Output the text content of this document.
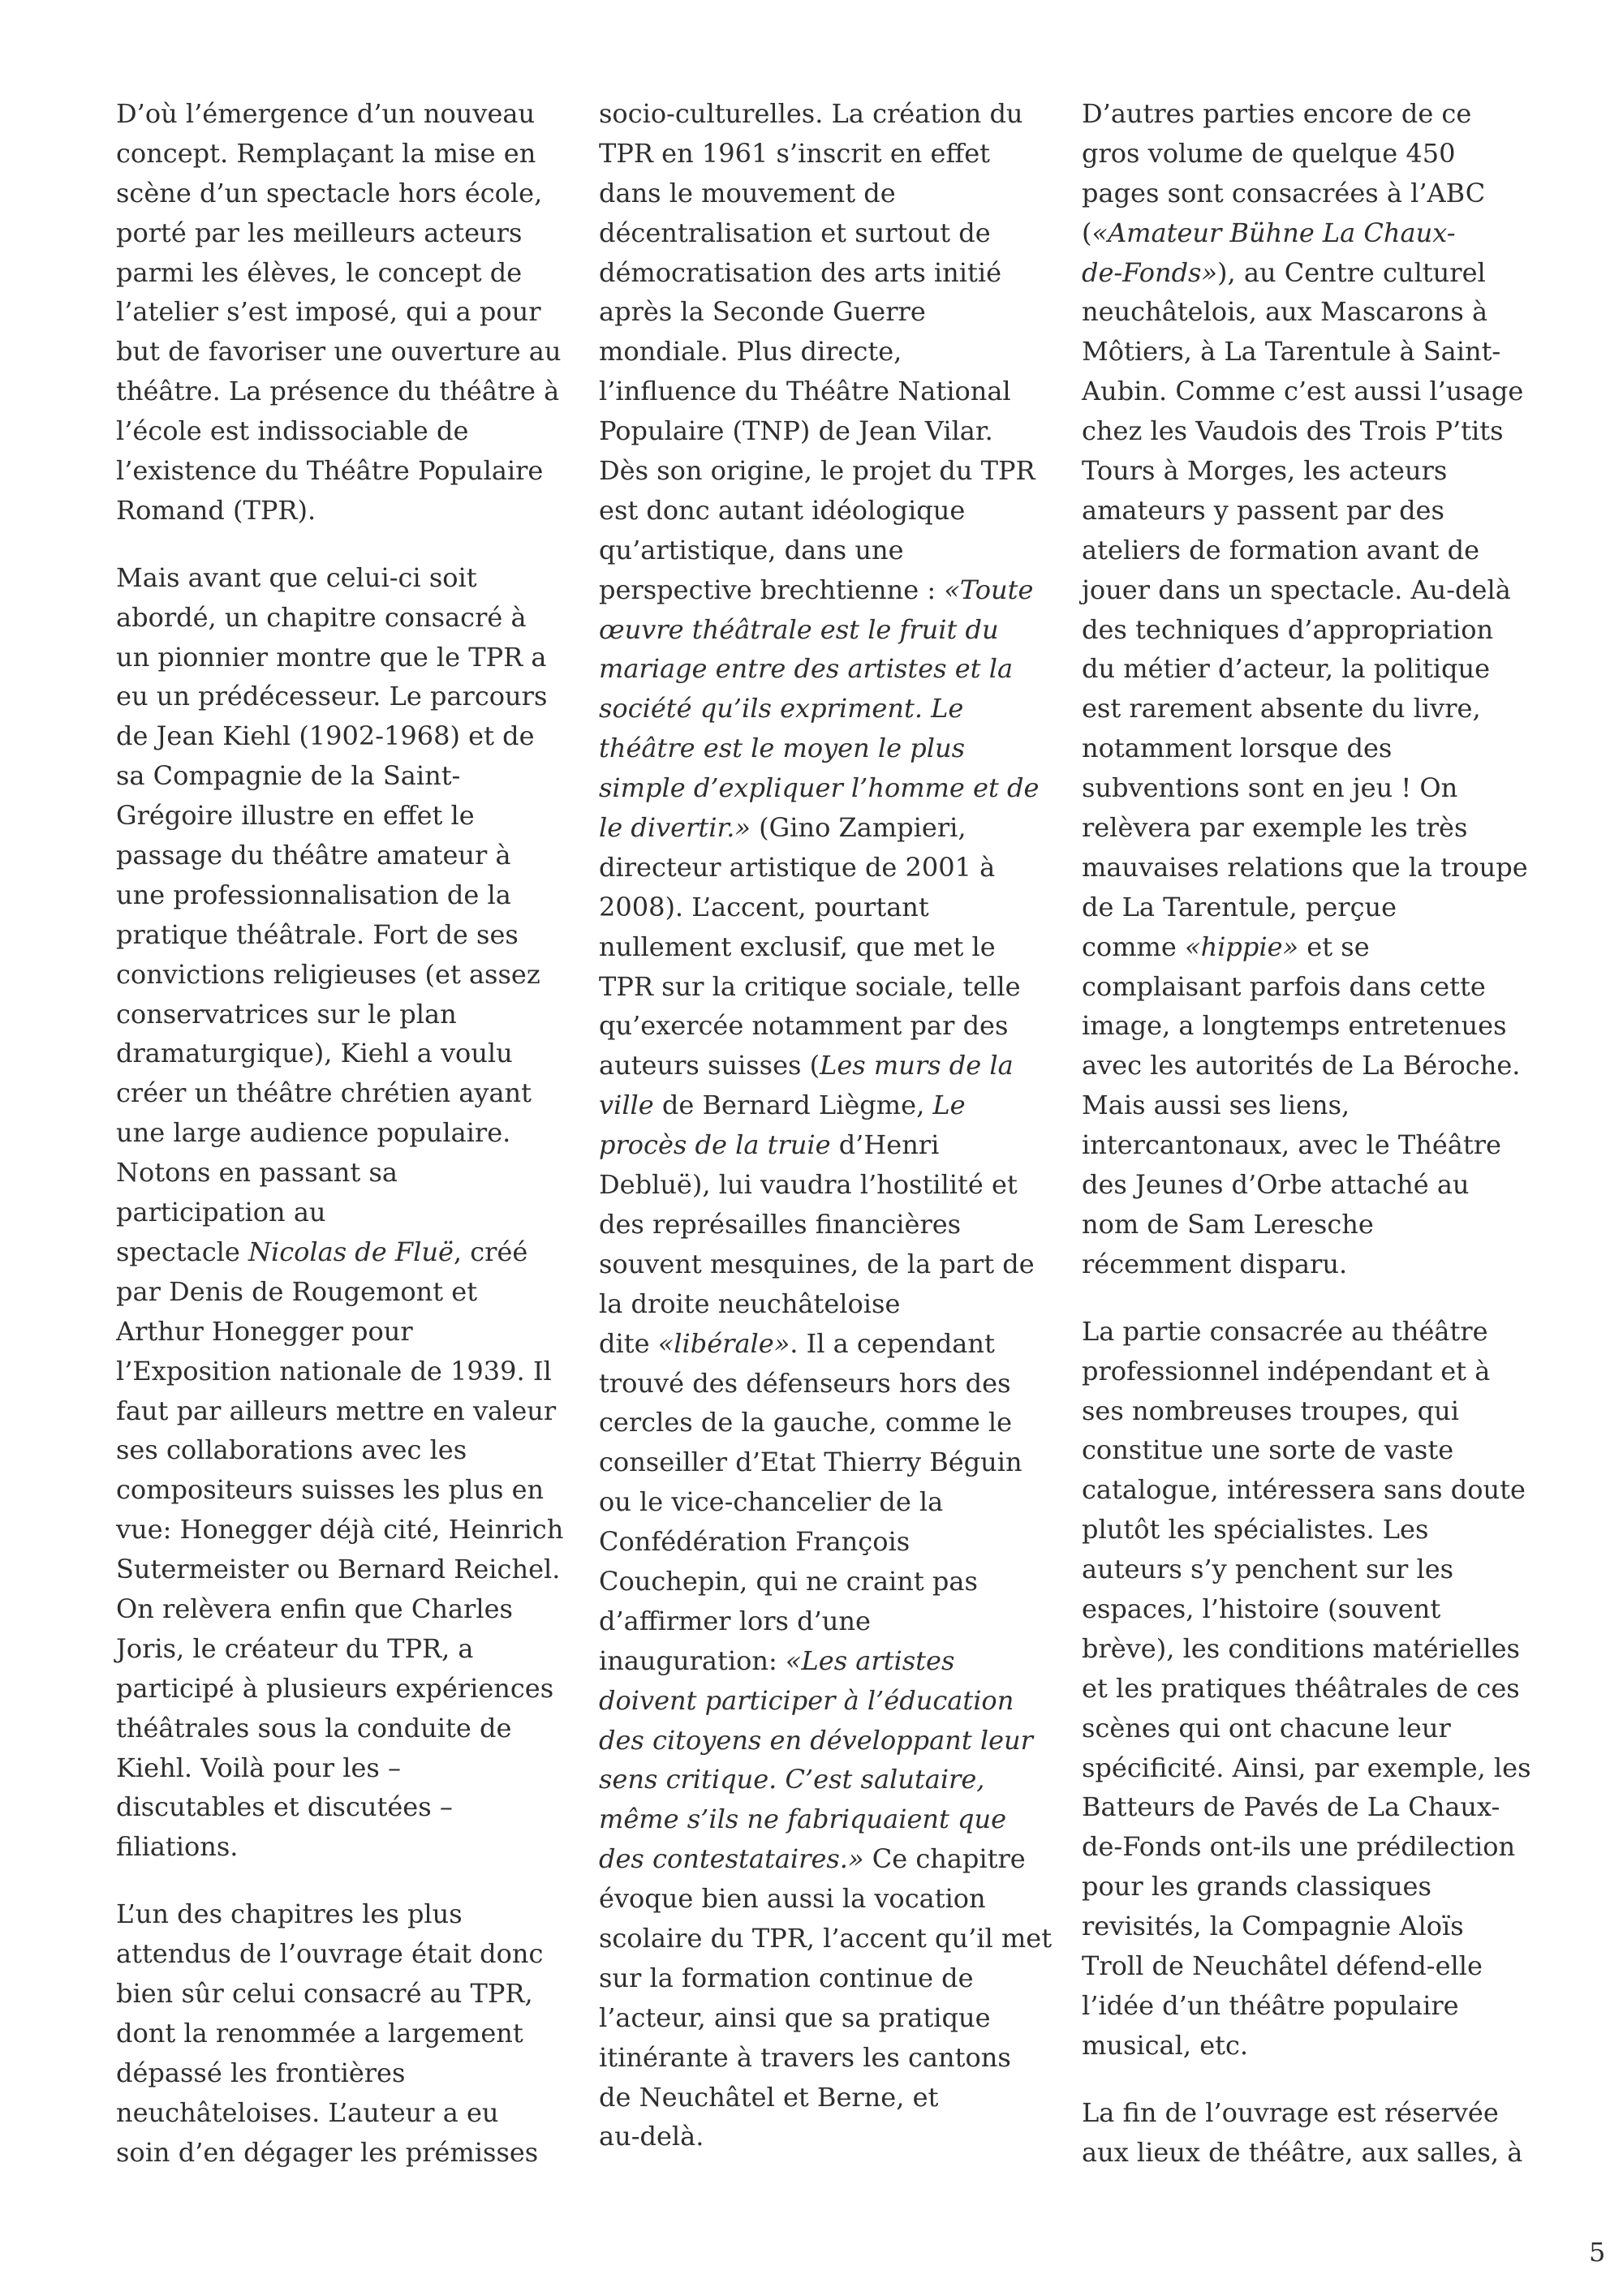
D’où l’émergence d’un nouveau
concept. Remplaçant la mise en
scène d’un spectacle hors école,
porté par les meilleurs acteurs
parmi les élèves, le concept de
l’atelier s’est imposé, qui a pour
but de favoriser une ouverture au
théâtre. La présence du théâtre à
l’école est indissociable de
l’existence du Théâtre Populaire
Romand (TPR).
Mais avant que celui-ci soit
abordé, un chapitre consacré à
un pionnier montre que le TPR a
eu un prédécesseur. Le parcours
de Jean Kiehl (1902-1968) et de
sa Compagnie de la Saint-
Grégoire illustre en effet le
passage du théâtre amateur à
une professionnalisation de la
pratique théâtrale. Fort de ses
convictions religieuses (et assez
conservatrices sur le plan
dramaturgique), Kiehl a voulu
créer un théâtre chrétien ayant
une large audience populaire.
Notons en passant sa
participation au
spectacle Nicolas de Fluë, créé
par Denis de Rougemont et
Arthur Honegger pour
l’Exposition nationale de 1939. Il
faut par ailleurs mettre en valeur
ses collaborations avec les
compositeurs suisses les plus en
vue: Honegger déjà cité, Heinrich
Sutermeister ou Bernard Reichel.
On relèvera enfin que Charles
Joris, le créateur du TPR, a
participé à plusieurs expériences
théâtrales sous la conduite de
Kiehl. Voilà pour les –
discutables et discutées –
filiations.
L’un des chapitres les plus
attendus de l’ouvrage était donc
bien sûr celui consacré au TPR,
dont la renommée a largement
dépassé les frontières
neuchâteloises. L’auteur a eu
soin d’en dégager les prémisses
socio-culturelles. La création du
TPR en 1961 s’inscrit en effet
dans le mouvement de
décentralisation et surtout de
démocratisation des arts initié
après la Seconde Guerre
mondiale. Plus directe,
l’influence du Théâtre National
Populaire (TNP) de Jean Vilar.
Dès son origine, le projet du TPR
est donc autant idéologique
qu’artistique, dans une
perspective brechtienne : «Toute
œuvre théâtrale est le fruit du
mariage entre des artistes et la
société qu’ils expriment. Le
théâtre est le moyen le plus
simple d’expliquer l’homme et de
le divertir.» (Gino Zampieri,
directeur artistique de 2001 à
2008). L’accent, pourtant
nullement exclusif, que met le
TPR sur la critique sociale, telle
qu’exercée notamment par des
auteurs suisses (Les murs de la
ville de Bernard Liègme, Le
procès de la truie d’Henri
Debluë), lui vaudra l’hostilité et
des représailles financières
souvent mesquines, de la part de
la droite neuchâteloise
dite «libérale». Il a cependant
trouvé des défenseurs hors des
cercles de la gauche, comme le
conseiller d’Etat Thierry Béguin
ou le vice-chancelier de la
Confédération François
Couchepin, qui ne craint pas
d’affirmer lors d’une
inauguration: «Les artistes
doivent participer à l’éducation
des citoyens en développant leur
sens critique. C’est salutaire,
même s’ils ne fabriquaient que
des contestataires.» Ce chapitre
évoque bien aussi la vocation
scolaire du TPR, l’accent qu’il met
sur la formation continue de
l’acteur, ainsi que sa pratique
itinérante à travers les cantons
de Neuchâtel et Berne, et
au-delà.
D’autres parties encore de ce
gros volume de quelque 450
pages sont consacrées à l’ABC
(«Amateur Bühne La Chaux-
de-Fonds»), au Centre culturel
neuchâtelois, aux Mascarons à
Môtiers, à La Tarentule à Saint-
Aubin. Comme c’est aussi l’usage
chez les Vaudois des Trois P’tits
Tours à Morges, les acteurs
amateurs y passent par des
ateliers de formation avant de
jouer dans un spectacle. Au-delà
des techniques d’appropriation
du métier d’acteur, la politique
est rarement absente du livre,
notamment lorsque des
subventions sont en jeu ! On
relèvera par exemple les très
mauvaises relations que la troupe
de La Tarentule, perçue
comme «hippie» et se
complaisant parfois dans cette
image, a longtemps entretenues
avec les autorités de La Béroche.
Mais aussi ses liens,
intercantonaux, avec le Théâtre
des Jeunes d’Orbe attaché au
nom de Sam Leresche
récemment disparu.
La partie consacrée au théâtre
professionnel indépendant et à
ses nombreuses troupes, qui
constitue une sorte de vaste
catalogue, intéressera sans doute
plutôt les spécialistes. Les
auteurs s’y penchent sur les
espaces, l’histoire (souvent
brève), les conditions matérielles
et les pratiques théâtrales de ces
scènes qui ont chacune leur
spécificité. Ainsi, par exemple, les
Batteurs de Pavés de La Chaux-
de-Fonds ont-ils une prédilection
pour les grands classiques
revisités, la Compagnie Aloïs
Troll de Neuchâtel défend-elle
l’idée d’un théâtre populaire
musical, etc.
La fin de l’ouvrage est réservée
aux lieux de théâtre, aux salles, à
5
